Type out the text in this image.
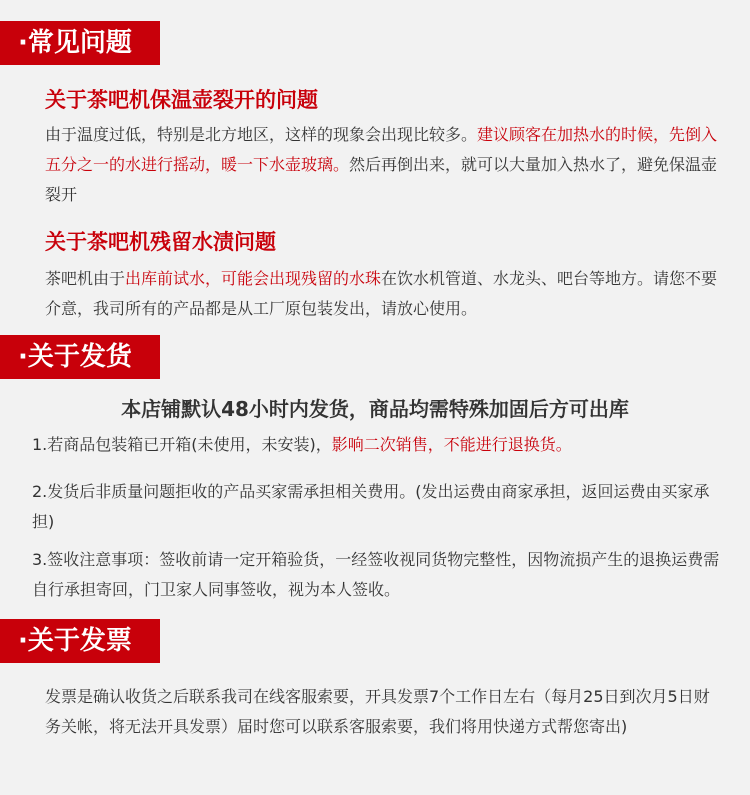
·常见问题
关于茶吧机保温壶裂开的问题
由于温度过低，特别是北方地区，这样的现象会出现比较多。建议顾客在加热水的时候，先倒入五分之一的水进行摇动，暖一下水壶玻璃。然后再倒出来，就可以大量加入热水了，避免保温壶裂开
关于茶吧机残留水渍问题
茶吧机由于出库前试水，可能会出现残留的水珠在饮水机管道、水龙头、吧台等地方。请您不要介意，我司所有的产品都是从工厂原包装发出，请放心使用。
·关于发货
本店铺默认48小时内发货，商品均需特殊加固后方可出库
1.若商品包装箱已开箱(未使用，未安装)，影响二次销售，不能进行退换货。
2.发货后非质量问题拒收的产品买家需承担相关费用。(发出运费由商家承担，返回运费由买家承担)
3.签收注意事项：签收前请一定开箱验货，一经签收视同货物完整性，因物流损产生的退换运费需自行承担寄回，门卫家人同事签收，视为本人签收。
·关于发票
发票是确认收货之后联系我司在线客服索要，开具发票7个工作日左右（每月25日到次月5日财务关帐，将无法开具发票）届时您可以联系客服索要，我们将用快递方式帮您寄出)
